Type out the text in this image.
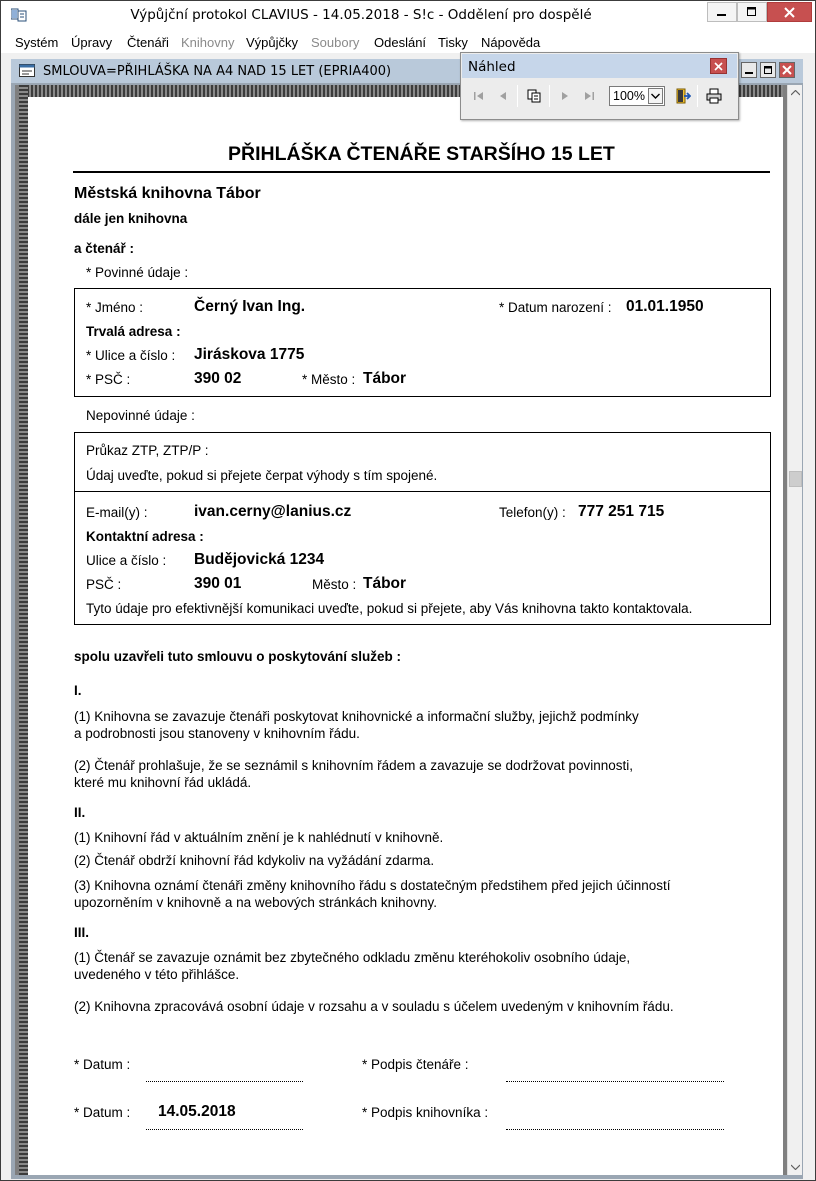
Výpůjční protokol CLAVIUS - 14.05.2018 - S!c - Oddělení pro dospělé
Systém Úpravy Čtenáři Knihovny Výpůjčky Soubory Odeslání Tisky Nápověda
SMLOUVA=PŘIHLÁŠKA NA A4 NAD 15 LET (EPRIA400)
PŘIHLÁŠKA ČTENÁŘE STARŠÍHO 15 LET
Městská knihovna Tábor
dále jen knihovna
a čtenář :
* Povinné údaje :
* Jméno :	Černý Ivan Ing.	* Datum narození : 01.01.1950
Trvalá adresa :
* Ulice a číslo : Jiráskova 1775
* PSČ :	390 02	* Město : Tábor
Nepovinné údaje :
Průkaz ZTP, ZTP/P :
Údaj uveďte, pokud si přejete čerpat výhody s tím spojené.
E-mail(y) :	ivan.cerny@lanius.cz	Telefon(y) : 777 251 715
Kontaktní adresa :
Ulice a číslo : Budějovická 1234
PSČ :	390 01	Město : Tábor
Tyto údaje pro efektivnější komunikaci uveďte, pokud si přejete, aby Vás knihovna takto kontaktovala.
spolu uzavřeli tuto smlouvu o poskytování služeb :
I.
(1) Knihovna se zavazuje čtenáři poskytovat knihovnické a informační služby, jejichž podmínky
a podrobnosti jsou stanoveny v knihovním řádu.
(2) Čtenář prohlašuje, že se seznámil s knihovním řádem a zavazuje se dodržovat povinnosti,
které mu knihovní řád ukládá.
II.
(1) Knihovní řád v aktuálním znění je k nahlédnutí v knihovně.
(2) Čtenář obdrží knihovní řád kdykoliv na vyžádání zdarma.
(3) Knihovna oznámí čtenáři změny knihovního řádu s dostatečným předstihem před jejich účinností
upozorněním v knihovně a na webových stránkách knihovny.
III.
(1) Čtenář se zavazuje oznámit bez zbytečného odkladu změnu kteréhokoliv osobního údaje,
uvedeného v této přihlášce.
(2) Knihovna zpracovává osobní údaje v rozsahu a v souladu s účelem uvedeným v knihovním řádu.
* Datum :	* Podpis čtenáře :
* Datum : 14.05.2018	* Podpis knihovníka :
Náhled
100%
